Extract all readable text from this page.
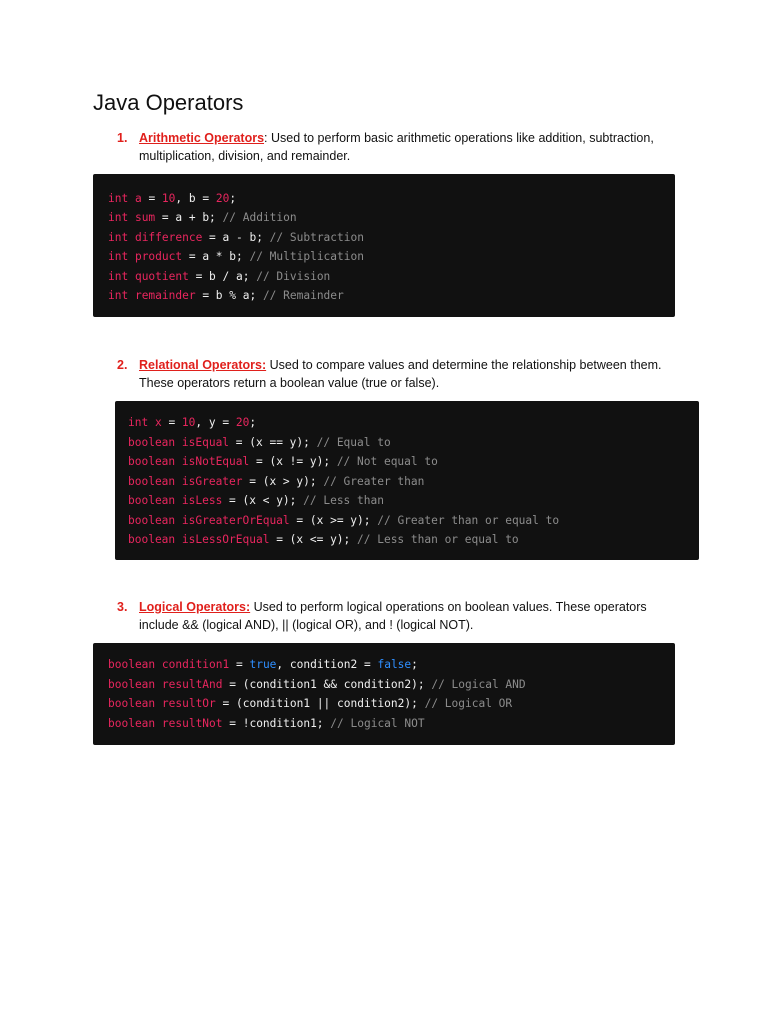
Java Operators
1. Arithmetic Operators: Used to perform basic arithmetic operations like addition, subtraction, multiplication, division, and remainder.
int a = 10, b = 20;
int sum = a + b; // Addition
int difference = a - b; // Subtraction
int product = a * b; // Multiplication
int quotient = b / a; // Division
int remainder = b % a; // Remainder
2. Relational Operators: Used to compare values and determine the relationship between them. These operators return a boolean value (true or false).
int x = 10, y = 20;
boolean isEqual = (x == y); // Equal to
boolean isNotEqual = (x != y); // Not equal to
boolean isGreater = (x > y); // Greater than
boolean isLess = (x < y); // Less than
boolean isGreaterOrEqual = (x >= y); // Greater than or equal to
boolean isLessOrEqual = (x <= y); // Less than or equal to
3. Logical Operators: Used to perform logical operations on boolean values. These operators include && (logical AND), || (logical OR), and ! (logical NOT).
boolean condition1 = true, condition2 = false;
boolean resultAnd = (condition1 && condition2); // Logical AND
boolean resultOr = (condition1 || condition2); // Logical OR
boolean resultNot = !condition1; // Logical NOT
